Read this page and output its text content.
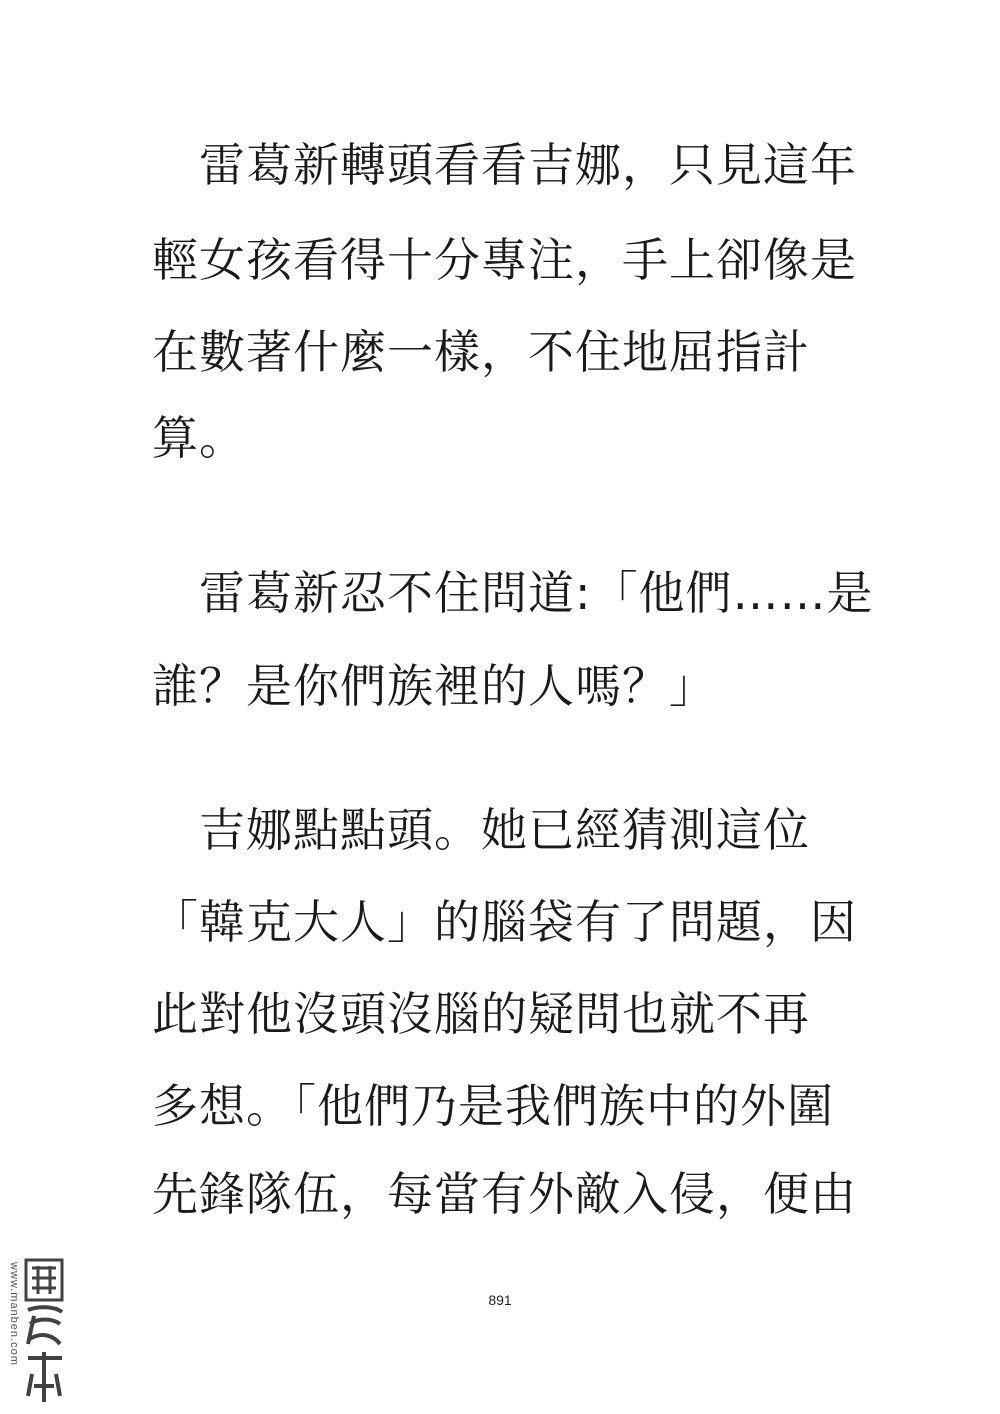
　雷葛新轉頭看看吉娜，只見這年
輕女孩看得十分專注，手上卻像是
在數著什麼一樣，不住地屈指計
算。
　雷葛新忍不住問道:「他們……是
誰？是你們族裡的人嗎？」
　吉娜點點頭。她已經猜測這位
「韓克大人」的腦袋有了問題，因
此對他沒頭沒腦的疑問也就不再
多想。「他們乃是我們族中的外圍
先鋒隊伍，每當有外敵入侵，便由
891
www.manben.com
